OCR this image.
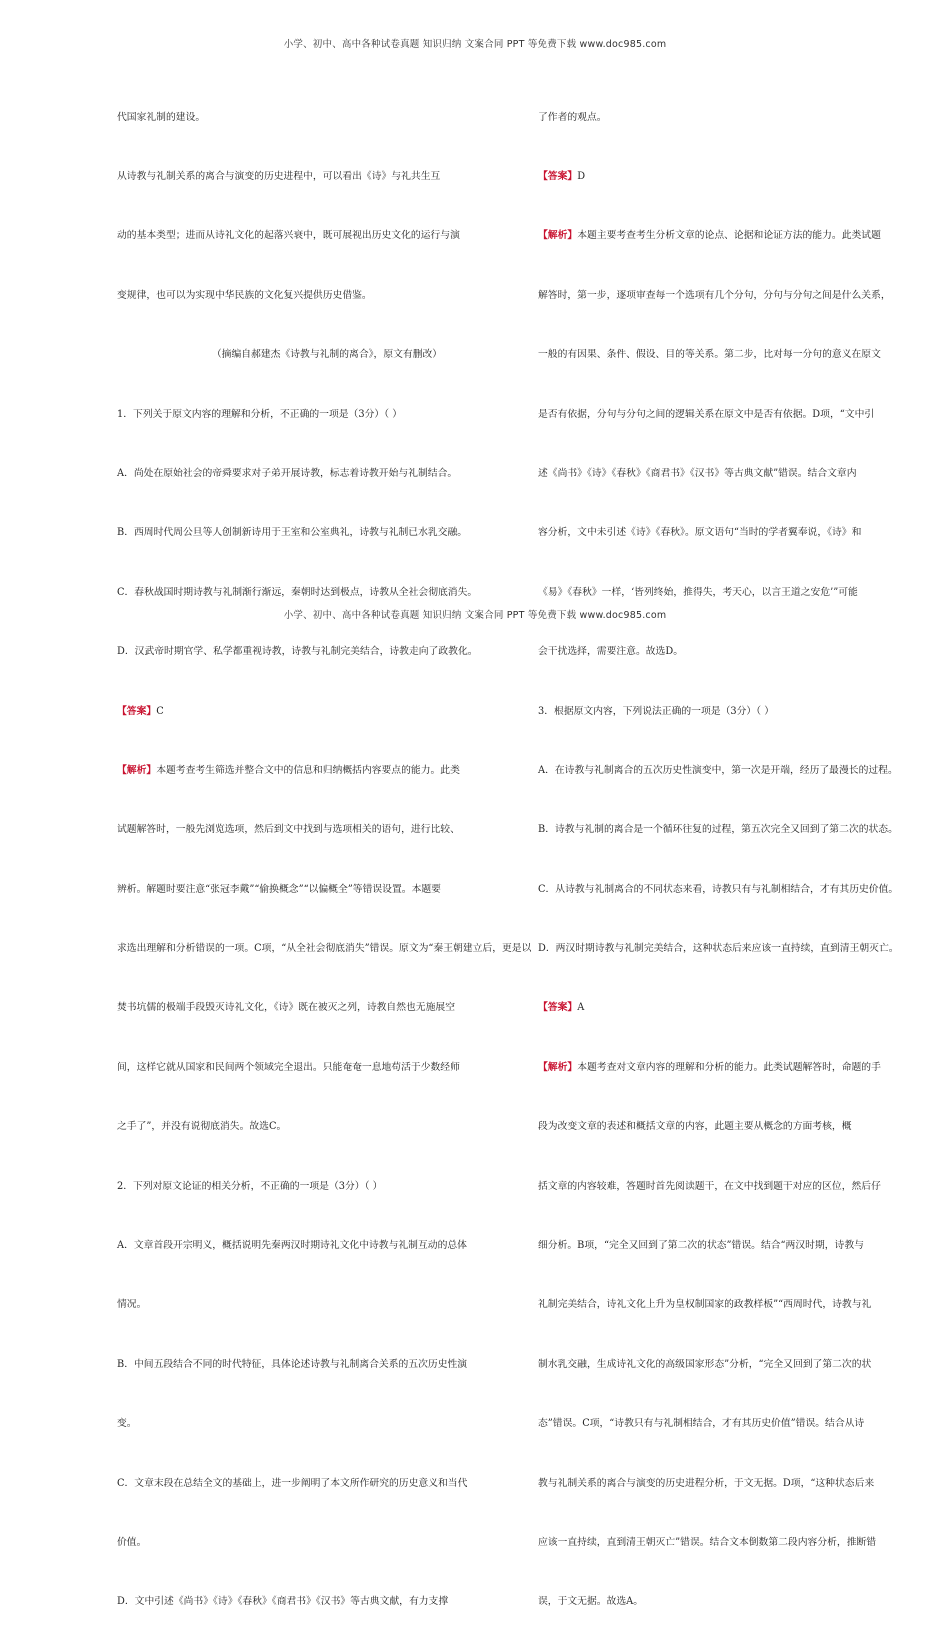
小学、初中、高中各种试卷真题 知识归纳 文案合同 PPT 等免费下载 www.doc985.com

代国家礼制的建设。

从诗教与礼制关系的离合与演变的历史进程中，可以看出《诗》与礼共生互

动的基本类型；进而从诗礼文化的起落兴衰中，既可展视出历史文化的运行与演

变规律，也可以为实现中华民族的文化复兴提供历史借鉴。

（摘编自郝建杰《诗教与礼制的离合》，原文有删改）

1．下列关于原文内容的理解和分析，不正确的一项是（3分）（ ）

A．尚处在原始社会的帝舜要求对子弟开展诗教，标志着诗教开始与礼制结合。

B．西周时代周公旦等人创制新诗用于王室和公室典礼，诗教与礼制已水乳交融。

C．春秋战国时期诗教与礼制渐行渐远，秦朝时达到极点，诗教从全社会彻底消失。

D．汉武帝时期官学、私学都重视诗教，诗教与礼制完美结合，诗教走向了政教化。

【答案】C

【解析】本题考查考生筛选并整合文中的信息和归纳概括内容要点的能力。此类

试题解答时，一般先浏览选项，然后到文中找到与选项相关的语句，进行比较、

辨析。解题时要注意“张冠李戴”“偷换概念”“以偏概全”等错误设置。本题要

求选出理解和分析错误的一项。C项，“从全社会彻底消失”错误。原文为“秦王朝建立后，更是以

焚书坑儒的极端手段毁灭诗礼文化，《诗》既在被灭之列，诗教自然也无施展空

间，这样它就从国家和民间两个领域完全退出。只能奄奄一息地苟活于少数经师

之手了”，并没有说彻底消失。故选C。

2．下列对原文论证的相关分析，不正确的一项是（3分）（ ）

A．文章首段开宗明义，概括说明先秦两汉时期诗礼文化中诗教与礼制互动的总体

情况。

B．中间五段结合不同的时代特征，具体论述诗教与礼制离合关系的五次历史性演

变。

C．文章末段在总结全文的基础上，进一步阐明了本文所作研究的历史意义和当代

价值。

D．文中引述《尚书》《诗》《春秋》《商君书》《汉书》等古典文献，有力支撑

了作者的观点。

【答案】D

【解析】本题主要考查考生分析文章的论点、论据和论证方法的能力。此类试题

解答时，第一步，逐项审查每一个选项有几个分句，分句与分句之间是什么关系，

一般的有因果、条件、假设、目的等关系。第二步，比对每一分句的意义在原文

是否有依据，分句与分句之间的逻辑关系在原文中是否有依据。D项，“文中引

述《尚书》《诗》《春秋》《商君书》《汉书》等古典文献”错误。结合文章内

容分析，文中未引述《诗》《春秋》。原文语句“当时的学者翼奉说，《诗》和

《易》《春秋》一样，‘皆列终始，推得失，考天心，以言王道之安危’”可能

会干扰选择，需要注意。故选D。

3．根据原文内容，下列说法正确的一项是（3分）（ ）

A．在诗教与礼制离合的五次历史性演变中，第一次是开端，经历了最漫长的过程。

B．诗教与礼制的离合是一个循环往复的过程，第五次完全又回到了第二次的状态。

C．从诗教与礼制离合的不同状态来看，诗教只有与礼制相结合，才有其历史价值。

D．两汉时期诗教与礼制完美结合，这种状态后来应该一直持续，直到清王朝灭亡。

【答案】A

【解析】本题考查对文章内容的理解和分析的能力。此类试题解答时，命题的手

段为改变文章的表述和概括文章的内容，此题主要从概念的方面考核，概

括文章的内容较难，答题时首先阅读题干，在文中找到题干对应的区位，然后仔

细分析。B项，“完全又回到了第二次的状态”错误。结合“两汉时期，诗教与

礼制完美结合，诗礼文化上升为皇权制国家的政教样板”“西周时代，诗教与礼

制水乳交融，生成诗礼文化的高级国家形态”分析，“完全又回到了第二次的状

态”错误。C项，“诗教只有与礼制相结合，才有其历史价值”错误。结合从诗

教与礼制关系的离合与演变的历史进程分析，于文无据。D项，“这种状态后来

应该一直持续，直到清王朝灭亡”错误。结合文本倒数第二段内容分析，推断错

误，于文无据。故选A。

小学、初中、高中各种试卷真题 知识归纳 文案合同 PPT 等免费下载 www.doc985.com
